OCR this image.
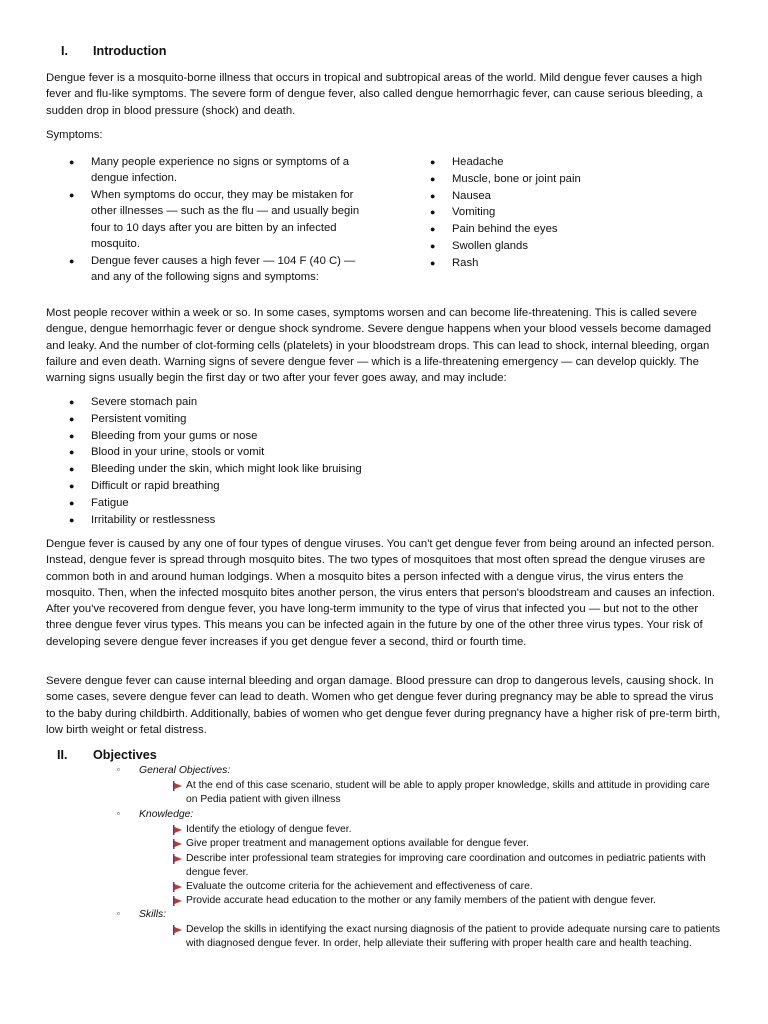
I. Introduction

Dengue fever is a mosquito-borne illness that occurs in tropical and subtropical areas of the world. Mild dengue fever causes a high fever and flu-like symptoms. The severe form of dengue fever, also called dengue hemorrhagic fever, can cause serious bleeding, a sudden drop in blood pressure (shock) and death.

Symptoms:

● Many people experience no signs or symptoms of a dengue infection.
● When symptoms do occur, they may be mistaken for other illnesses — such as the flu — and usually begin four to 10 days after you are bitten by an infected mosquito.
● Dengue fever causes a high fever — 104 F (40 C) — and any of the following signs and symptoms:
● Headache
● Muscle, bone or joint pain
● Nausea
● Vomiting
● Pain behind the eyes
● Swollen glands
● Rash

Most people recover within a week or so. In some cases, symptoms worsen and can become life-threatening. This is called severe dengue, dengue hemorrhagic fever or dengue shock syndrome. Severe dengue happens when your blood vessels become damaged and leaky. And the number of clot-forming cells (platelets) in your bloodstream drops. This can lead to shock, internal bleeding, organ failure and even death. Warning signs of severe dengue fever — which is a life-threatening emergency — can develop quickly. The warning signs usually begin the first day or two after your fever goes away, and may include:

● Severe stomach pain
● Persistent vomiting
● Bleeding from your gums or nose
● Blood in your urine, stools or vomit
● Bleeding under the skin, which might look like bruising
● Difficult or rapid breathing
● Fatigue
● Irritability or restlessness

Dengue fever is caused by any one of four types of dengue viruses. You can't get dengue fever from being around an infected person. Instead, dengue fever is spread through mosquito bites. The two types of mosquitoes that most often spread the dengue viruses are common both in and around human lodgings. When a mosquito bites a person infected with a dengue virus, the virus enters the mosquito. Then, when the infected mosquito bites another person, the virus enters that person's bloodstream and causes an infection. After you've recovered from dengue fever, you have long-term immunity to the type of virus that infected you — but not to the other three dengue fever virus types. This means you can be infected again in the future by one of the other three virus types. Your risk of developing severe dengue fever increases if you get dengue fever a second, third or fourth time.

Severe dengue fever can cause internal bleeding and organ damage. Blood pressure can drop to dangerous levels, causing shock. In some cases, severe dengue fever can lead to death. Women who get dengue fever during pregnancy may be able to spread the virus to the baby during childbirth. Additionally, babies of women who get dengue fever during pregnancy have a higher risk of pre-term birth, low birth weight or fetal distress.

II. Objectives
▫ General Objectives:
At the end of this case scenario, student will be able to apply proper knowledge, skills and attitude in providing care on Pedia patient with given illness
▫ Knowledge:
Identify the etiology of dengue fever.
Give proper treatment and management options available for dengue fever.
Describe inter professional team strategies for improving care coordination and outcomes in pediatric patients with dengue fever.
Evaluate the outcome criteria for the achievement and effectiveness of care.
Provide accurate head education to the mother or any family members of the patient with dengue fever.
▫ Skills:
Develop the skills in identifying the exact nursing diagnosis of the patient to provide adequate nursing care to patients with diagnosed dengue fever. In order, help alleviate their suffering with proper health care and health teaching.
